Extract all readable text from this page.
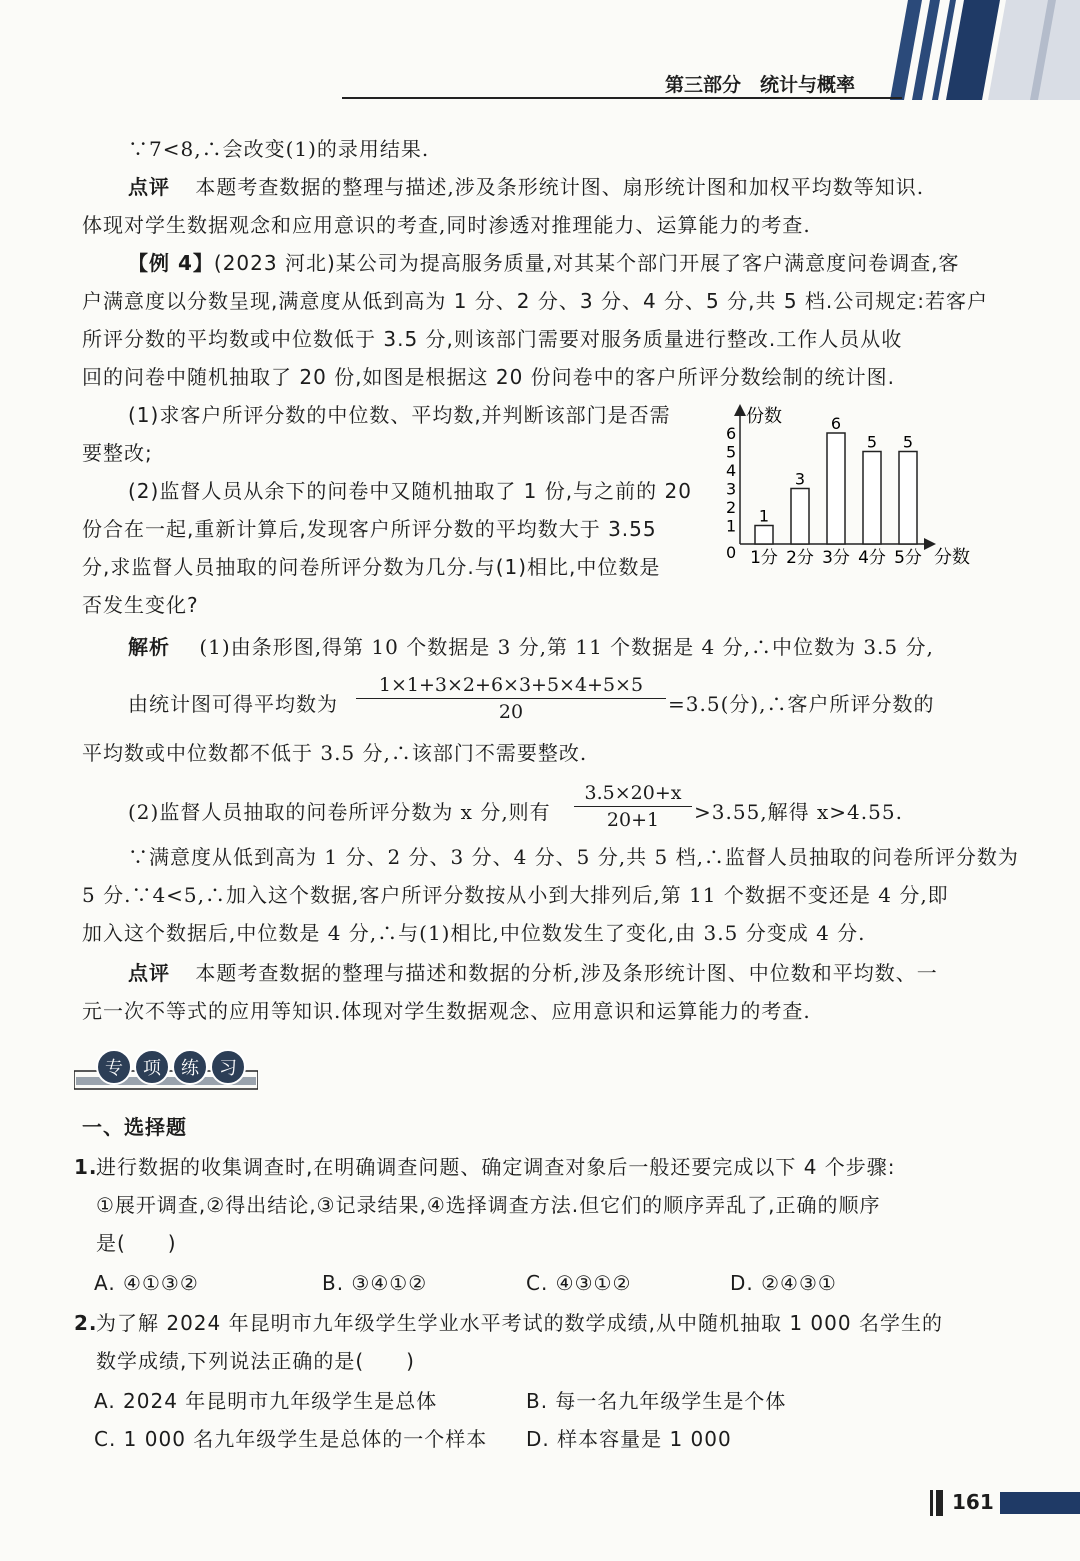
第三部分　统计与概率
∵7<8,∴会改变(1)的录用结果.
点评 本题考查数据的整理与描述,涉及条形统计图、扇形统计图和加权平均数等知识.
体现对学生数据观念和应用意识的考查,同时渗透对推理能力、运算能力的考查.
【例 4】(2023 河北)某公司为提高服务质量,对其某个部门开展了客户满意度问卷调查,客
户满意度以分数呈现,满意度从低到高为 1 分、2 分、3 分、4 分、5 分,共 5 档.公司规定:若客户
所评分数的平均数或中位数低于 3.5 分,则该部门需要对服务质量进行整改.工作人员从收
回的问卷中随机抽取了 20 份,如图是根据这 20 份问卷中的客户所评分数绘制的统计图.
(1)求客户所评分数的中位数、平均数,并判断该部门是否需
要整改;
(2)监督人员从余下的问卷中又随机抽取了 1 份,与之前的 20
份合在一起,重新计算后,发现客户所评分数的平均数大于 3.55
分,求监督人员抽取的问卷所评分数为几分.与(1)相比,中位数是
否发生变化?
1
2
3
4
5
6
1
1分
3
2分
6
3分
5
4分
5
5分
份数
分数
0
解析 (1)由条形图,得第 10 个数据是 3 分,第 11 个数据是 4 分,∴中位数为 3.5 分,
由统计图可得平均数为
1×1+3×2+6×3+5×4+5×5
20	=3.5(分),∴客户所评分数的
平均数或中位数都不低于 3.5 分,∴该部门不需要整改.
(2)监督人员抽取的问卷所评分数为 x 分,则有
3.5×20+x
20+1	>3.55,解得 x>4.55.
∵满意度从低到高为 1 分、2 分、3 分、4 分、5 分,共 5 档,∴监督人员抽取的问卷所评分数为
5 分.∵4<5,∴加入这个数据,客户所评分数按从小到大排列后,第 11 个数据不变还是 4 分,即
加入这个数据后,中位数是 4 分,∴与(1)相比,中位数发生了变化,由 3.5 分变成 4 分.
点评 本题考查数据的整理与描述和数据的分析,涉及条形统计图、中位数和平均数、一
元一次不等式的应用等知识.体现对学生数据观念、应用意识和运算能力的考查.
专 项 练 习
一、选择题
1.
进行数据的收集调查时,在明确调查问题、确定调查对象后一般还要完成以下 4 个步骤:
①展开调查,②得出结论,③记录结果,④选择调查方法.但它们的顺序弄乱了,正确的顺序
是(　　)
A. ④①③②	B. ③④①②	C. ④③①②	D. ②④③①
2.
为了解 2024 年昆明市九年级学生学业水平考试的数学成绩,从中随机抽取 1 000 名学生的
数学成绩,下列说法正确的是(　　)
A. 2024 年昆明市九年级学生是总体	B. 每一名九年级学生是个体
C. 1 000 名九年级学生是总体的一个样本 D. 样本容量是 1 000
161
